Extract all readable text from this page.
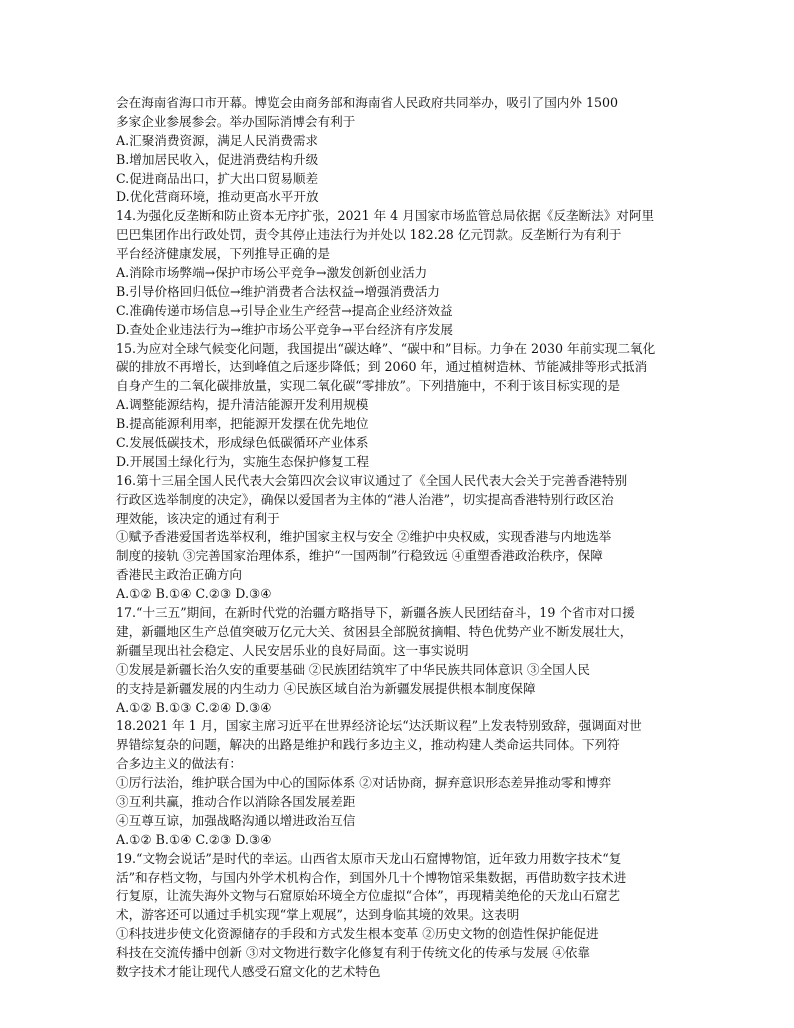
会在海南省海口市开幕。博览会由商务部和海南省人民政府共同举办，吸引了国内外 1500
多家企业参展参会。举办国际消博会有利于
A.汇聚消费资源，满足人民消费需求
B.增加居民收入，促进消费结构升级
C.促进商品出口，扩大出口贸易顺差
D.优化营商环境，推动更高水平开放
14.为强化反垄断和防止资本无序扩张，2021 年 4 月国家市场监管总局依据《反垄断法》对阿里
巴巴集团作出行政处罚，责令其停止违法行为并处以 182.28 亿元罚款。反垄断行为有利于
平台经济健康发展，下列推导正确的是
A.消除市场弊端→保护市场公平竞争→激发创新创业活力
B.引导价格回归低位→维护消费者合法权益→增强消费活力
C.准确传递市场信息→引导企业生产经营→提高企业经济效益
D.查处企业违法行为→维护市场公平竞争→平台经济有序发展
15.为应对全球气候变化问题，我国提出“碳达峰”、“碳中和”目标。力争在 2030 年前实现二氧化
碳的排放不再增长，达到峰值之后逐步降低；到 2060 年，通过植树造林、节能减排等形式抵消
自身产生的二氧化碳排放量，实现二氧化碳“零排放”。下列措施中，不利于该目标实现的是
A.调整能源结构，提升清洁能源开发利用规模
B.提高能源利用率，把能源开发摆在优先地位
C.发展低碳技术，形成绿色低碳循环产业体系
D.开展国土绿化行为，实施生态保护修复工程
16.第十三届全国人民代表大会第四次会议审议通过了《全国人民代表大会关于完善香港特别
行政区选举制度的决定》，确保以爱国者为主体的“港人治港”，切实提高香港特别行政区治
理效能，该决定的通过有利于
①赋予香港爱国者选举权利，维护国家主权与安全 ②维护中央权威，实现香港与内地选举
制度的接轨 ③完善国家治理体系，维护“一国两制”行稳致远 ④重塑香港政治秩序，保障
香港民主政治正确方向
A.①② B.①④ C.②③ D.③④
17.“十三五”期间，在新时代党的治疆方略指导下，新疆各族人民团结奋斗，19 个省市对口援
建，新疆地区生产总值突破万亿元大关、贫困县全部脱贫摘帽、特色优势产业不断发展壮大，
新疆呈现出社会稳定、人民安居乐业的良好局面。这一事实说明
①发展是新疆长治久安的重要基础 ②民族团结筑牢了中华民族共同体意识 ③全国人民
的支持是新疆发展的内生动力 ④民族区域自治为新疆发展提供根本制度保障
A.①② B.①③ C.②④ D.③④
18.2021 年 1 月，国家主席习近平在世界经济论坛“达沃斯议程”上发表特别致辞，强调面对世
界错综复杂的问题，解决的出路是维护和践行多边主义，推动构建人类命运共同体。下列符
合多边主义的做法有：
①厉行法治，维护联合国为中心的国际体系 ②对话协商，摒弃意识形态差异推动零和博弈
③互利共赢，推动合作以消除各国发展差距
④互尊互谅，加强战略沟通以增进政治互信
A.①② B.①④ C.②③ D.③④
19.“文物会说话”是时代的幸运。山西省太原市天龙山石窟博物馆，近年致力用数字技术“复
活”和存档文物，与国内外学术机构合作，到国外几十个博物馆采集数据，再借助数字技术进
行复原，让流失海外文物与石窟原始环境全方位虚拟“合体”，再现精美绝伦的天龙山石窟艺
术，游客还可以通过手机实现“掌上观展”，达到身临其境的效果。这表明
①科技进步使文化资源储存的手段和方式发生根本变革 ②历史文物的创造性保护能促进
科技在交流传播中创新 ③对文物进行数字化修复有利于传统文化的传承与发展 ④依靠
数字技术才能让现代人感受石窟文化的艺术特色
